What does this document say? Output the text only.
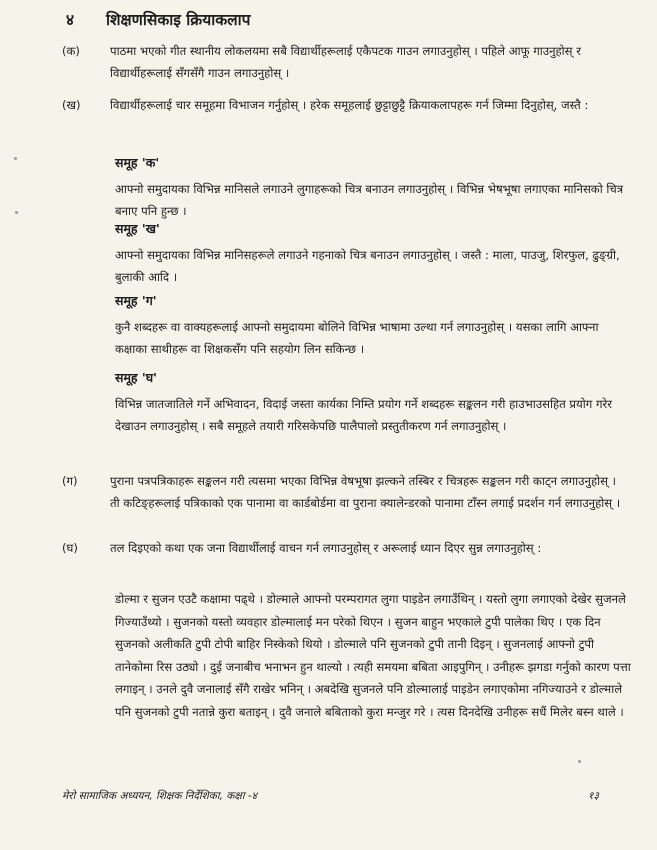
४ शिक्षणसिकाइ क्रियाकलाप
(क)	पाठमा भएको गीत स्थानीय लोकलयमा सबै विद्यार्थीहरूलाई एकैपटक गाउन लगाउनुहोस् । पहिले आफू गाउनुहोस् र विद्यार्थीहरूलाई सँगसँगै गाउन लगाउनुहोस् ।
(ख)	विद्यार्थीहरूलाई चार समूहमा विभाजन गर्नुहोस् । हरेक समूहलाई छुट्टाछुट्टै क्रियाकलापहरू गर्न जिम्मा दिनुहोस्, जस्तै :
समूह 'क'
आफ्नो समुदायका विभिन्न मानिसले लगाउने लुगाहरूको चित्र बनाउन लगाउनुहोस् । विभिन्न भेषभूषा लगाएका मानिसको चित्र बनाए पनि हुन्छ ।
समूह 'ख'
आफ्नो समुदायका विभिन्न मानिसहरूले लगाउने गहनाको चित्र बनाउन लगाउनुहोस् । जस्तै : माला, पाउजु, शिरफुल, ढुङ्ग्री, बुलाकी आदि ।
समूह 'ग'
कुनै शब्दहरू वा वाक्यहरूलाई आफ्नो समुदायमा बोलिने विभिन्न भाषामा उल्था गर्न लगाउनुहोस् । यसका लागि आफ्ना कक्षाका साथीहरू वा शिक्षकसँग पनि सहयोग लिन सकिन्छ ।
समूह 'घ'
विभिन्न जातजातिले गर्ने अभिवादन, विदाई जस्ता कार्यका निम्ति प्रयोग गर्ने शब्दहरू सङ्कलन गरी हाउभाउसहित प्रयोग गरेर देखाउन लगाउनुहोस् । सबै समूहले तयारी गरिसकेपछि पालैपालो प्रस्तुतीकरण गर्न लगाउनुहोस् ।
(ग)	पुराना पत्रपत्रिकाहरू सङ्कलन गरी त्यसमा भएका विभिन्न वेषभूषा झल्कने तस्बिर र चित्रहरू सङ्कलन गरी काट्न लगाउनुहोस् । ती कटिङ्हरूलाई पत्रिकाको एक पानामा वा कार्डबोर्डमा वा पुराना क्यालेन्डरको पानामा टाँस्न लगाई प्रदर्शन गर्न लगाउनुहोस् ।
(घ)	तल दिइएको कथा एक जना विद्यार्थीलाई वाचन गर्न लगाउनुहोस् र अरूलाई ध्यान दिएर सुन्न लगाउनुहोस् :
डोल्मा र सुजन एउटै कक्षामा पढ्थे । डोल्माले आफ्नो परम्परागत लुगा पाइडेन लगाउँथिन् । यस्तो लुगा लगाएको देखेर सुजनले गिज्याउँथ्यो । सुजनको यस्तो व्यवहार डोल्मालाई मन परेको थिएन । सुजन बाहुन भएकाले टुपी पालेका थिए । एक दिन सुजनको अलीकति टुपी टोपी बाहिर निस्केको थियो । डोल्माले पनि सुजनको टुपी तानी दिइन् । सुजनलाई आफ्नो टुपी तानेकोमा रिस उठ्यो । दुई जनाबीच भनाभन हुन थाल्यो । त्यही समयमा बबिता आइपुगिन् । उनीहरू झगडा गर्नुको कारण पत्ता लगाइन् । उनले दुवै जनालाई सँगै राखेर भनिन् । अबदेखि सुजनले पनि डोल्मालाई पाइडेन लगाएकोमा नगिज्याउने र डोल्माले पनि सुजनको टुपी नतान्ने कुरा बताइन् । दुवै जनाले बबिताको कुरा मन्जुर गरे । त्यस दिनदेखि उनीहरू सधैं मिलेर बस्न थाले ।
मेरो सामाजिक अध्ययन, शिक्षक निर्देशिका, कक्षा -४	१३
